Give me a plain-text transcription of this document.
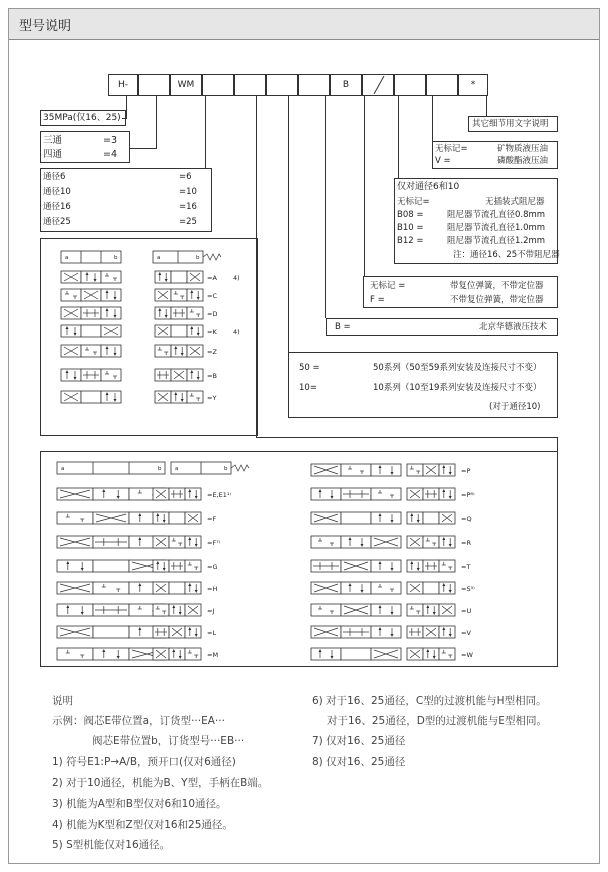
型号说明
H-	WM	B	*
35MPa(仅16、25)
三通	=3
四通	=4
通径6	=6
通径10	=10
通径16	=16
通径25	=25
其它细节用文字说明
无标记=	矿物质液压油
V =	磷酸酯液压油
仅对通径6和10
无标记=	无插装式阻尼器
B08 =	阻尼器节流孔直径0.8mm
B10 =	阻尼器节流孔直径1.0mm
B12 =	阻尼器节流孔直径1.2mm
注：通径16、25不带阻尼器
无标记 =	带复位弹簧，不带定位器
F =	不带复位弹簧，带定位器
B =	北京华德液压技术
50 =	50系列（50至59系列安装及连接尺寸不变）
10=	10系列（10至19系列安装及连接尺寸不变）
(对于通径10)
a	b	a	b
=A 4)
=C
=D
=K	4)
=Z
=B
=Y
a	b a	b
=E,E1¹⁾
=F
=F⁷⁾
=G
=H
=J
=L
=M
=P
=P⁸⁾
=Q
=R
=T
=S⁵⁾
=U
=V
=W
说明
示例：阀芯E带位置a，订货型···EA···
阀芯E带位置b，订货型号···EB···
1) 符号E1:P→A/B，预开口(仅对6通径)
2) 对于10通径，机能为B、Y型，手柄在B端。
3) 机能为A型和B型仅对6和10通径。
4) 机能为K型和Z型仅对16和25通径。
5) S型机能仅对16通径。
6) 对于16、25通径，C型的过渡机能与H型相同。
对于16、25通径，D型的过渡机能与E型相同。
7) 仅对16、25通径
8) 仅对16、25通径
